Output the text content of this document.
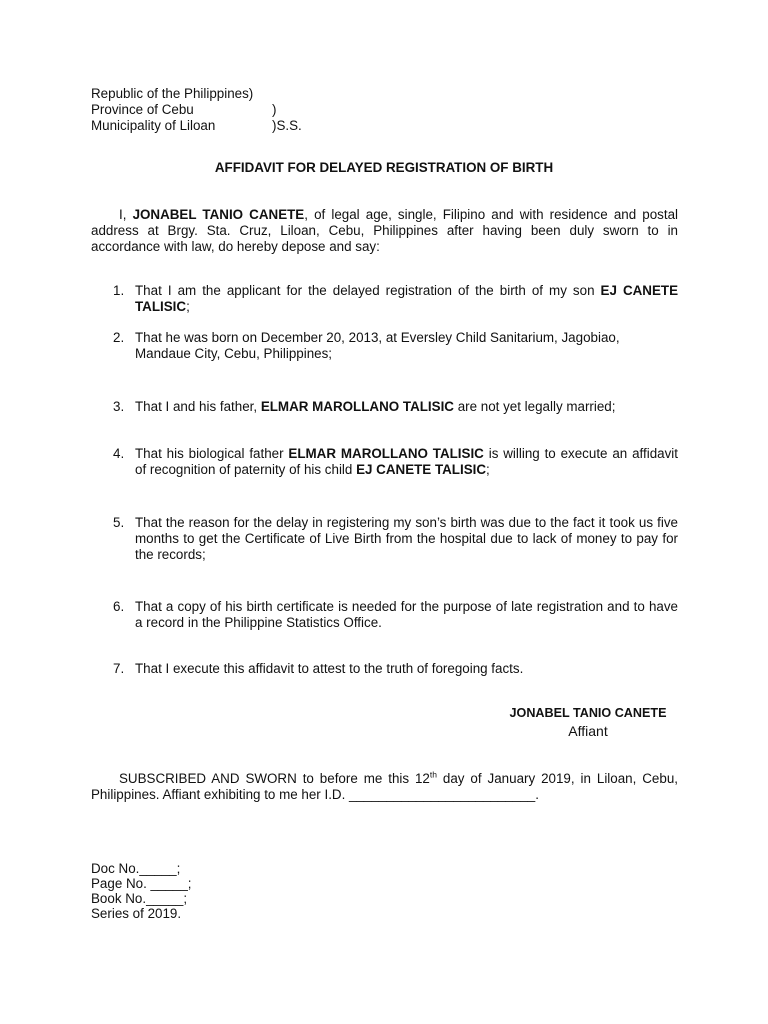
Republic of the Philippines)
Province of Cebu	)
Municipality of Liloan	)S.S.
AFFIDAVIT FOR DELAYED REGISTRATION OF BIRTH

I, JONABEL TANIO CANETE, of legal age, single, Filipino and with residence and postal address at Brgy. Sta. Cruz, Liloan, Cebu, Philippines after having been duly sworn to in accordance with law, do hereby depose and say:

1. That I am the applicant for the delayed registration of the birth of my son EJ CANETE TALISIC;
2. That he was born on December 20, 2013, at Eversley Child Sanitarium, Jagobiao, Mandaue City, Cebu, Philippines;
3. That I and his father, ELMAR MAROLLANO TALISIC are not yet legally married;
4. That his biological father ELMAR MAROLLANO TALISIC is willing to execute an affidavit of recognition of paternity of his child EJ CANETE TALISIC;
5. That the reason for the delay in registering my son’s birth was due to the fact it took us five months to get the Certificate of Live Birth from the hospital due to lack of money to pay for the records;
6. That a copy of his birth certificate is needed for the purpose of late registration and to have a record in the Philippine Statistics Office.
7. That I execute this affidavit to attest to the truth of foregoing facts.
JONABEL TANIO CANETE
Affiant

SUBSCRIBED AND SWORN to before me this 12th day of January 2019, in Liloan, Cebu, Philippines. Affiant exhibiting to me her I.D. _________________________.

Doc No._____;
Page No. _____;
Book No._____;
Series of 2019.
